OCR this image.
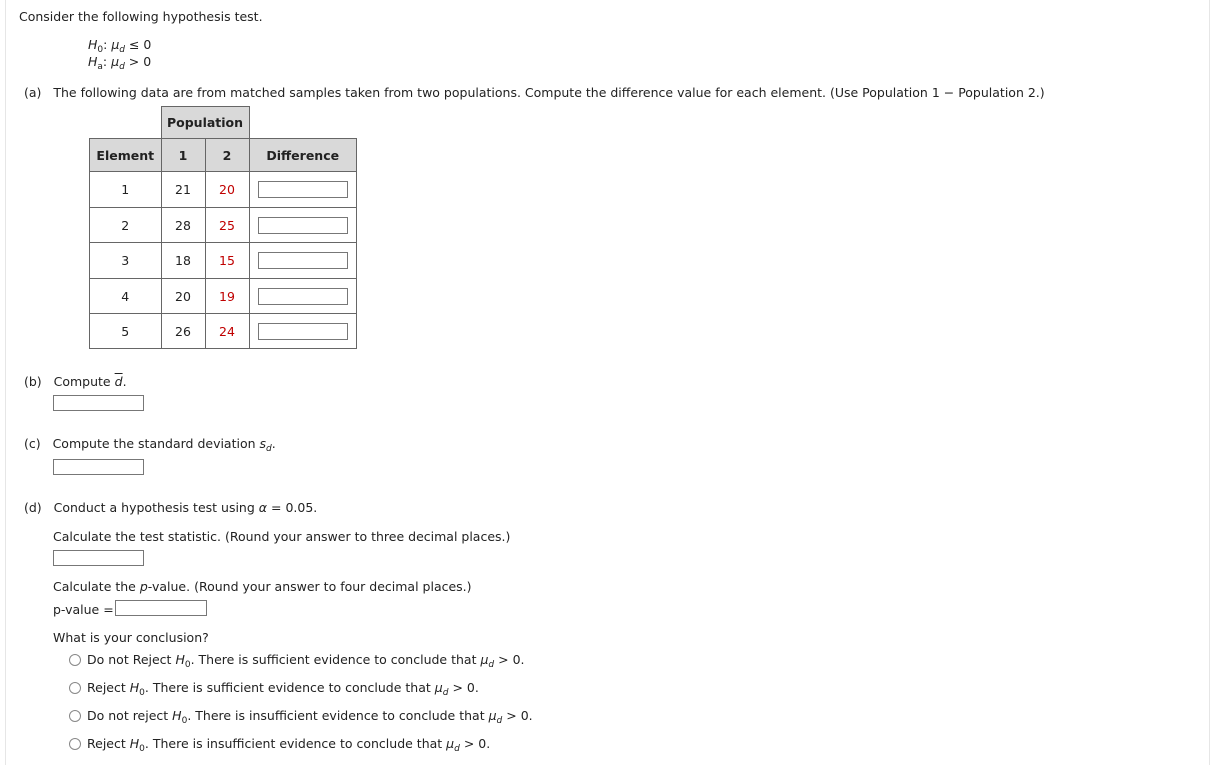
Consider the following hypothesis test.
$H_0$: $\mu_d \le 0$
$H_a$: $\mu_d > 0$
(a) The following data are from matched samples taken from two populations. Compute the difference value for each element. (Use Population 1 − Population 2.)
	Population		
Element	1	2	Difference
1	21	20	
2	28	25	
3	18	15	
4	20	19	
5	26	24	
(b) Compute $\overline{d}$.
(c) Compute the standard deviation $s_d$.
(d) Conduct a hypothesis test using α = 0.05.
Calculate the test statistic. (Round your answer to three decimal places.)
Calculate the p-value. (Round your answer to four decimal places.)
p-value =
What is your conclusion?
Do not Reject $H_0$. There is sufficient evidence to conclude that $\mu_d > 0$.
Reject $H_0$. There is sufficient evidence to conclude that $\mu_d > 0$.
Do not reject $H_0$. There is insufficient evidence to conclude that $\mu_d > 0$.
Reject $H_0$. There is insufficient evidence to conclude that $\mu_d > 0$.
